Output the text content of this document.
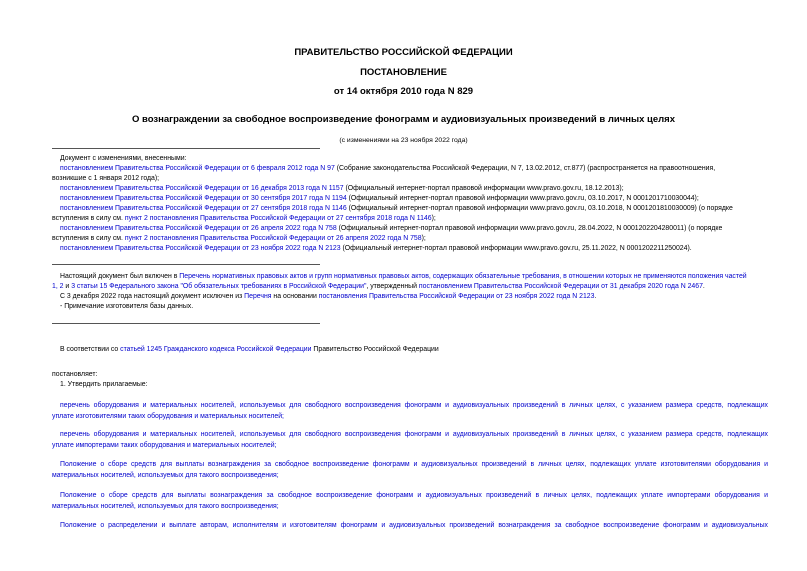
ПРАВИТЕЛЬСТВО РОССИЙСКОЙ ФЕДЕРАЦИИ
ПОСТАНОВЛЕНИЕ
от 14 октября 2010 года N 829
О вознаграждении за свободное воспроизведение фонограмм и аудиовизуальных произведений в личных целях
(с изменениями на 23 ноября 2022 года)
Документ с изменениями, внесенными:
постановлением Правительства Российской Федерации от 6 февраля 2012 года N 97 (Собрание законодательства Российской Федерации, N 7, 13.02.2012, ст.877) (распространяется на правоотношения,
возникшие с 1 января 2012 года);
постановлением Правительства Российской Федерации от 16 декабря 2013 года N 1157 (Официальный интернет-портал правовой информации www.pravo.gov.ru, 18.12.2013);
постановлением Правительства Российской Федерации от 30 сентября 2017 года N 1194 (Официальный интернет-портал правовой информации www.pravo.gov.ru, 03.10.2017, N 0001201710030044);
постановлением Правительства Российской Федерации от 27 сентября 2018 года N 1146 (Официальный интернет-портал правовой информации www.pravo.gov.ru, 03.10.2018, N 0001201810030009) (о порядке
вступления в силу см. пункт 2 постановления Правительства Российской Федерации от 27 сентября 2018 года N 1146);
постановлением Правительства Российской Федерации от 26 апреля 2022 года N 758 (Официальный интернет-портал правовой информации www.pravo.gov.ru, 28.04.2022, N 0001202204280011) (о порядке
вступления в силу см. пункт 2 постановления Правительства Российской Федерации от 26 апреля 2022 года N 758);
постановлением Правительства Российской Федерации от 23 ноября 2022 года N 2123 (Официальный интернет-портал правовой информации www.pravo.gov.ru, 25.11.2022, N 0001202211250024).
Настоящий документ был включен в Перечень нормативных правовых актов и групп нормативных правовых актов, содержащих обязательные требования, в отношении которых не применяются положения частей
1, 2 и 3 статьи 15 Федерального закона "Об обязательных требованиях в Российской Федерации", утвержденный постановлением Правительства Российской Федерации от 31 декабря 2020 года N 2467.
С 3 декабря 2022 года настоящий документ исключен из Перечня на основании постановления Правительства Российской Федерации от 23 ноября 2022 года N 2123.
- Примечание изготовителя базы данных.
В соответствии со статьей 1245 Гражданского кодекса Российской Федерации Правительство Российской Федерации
постановляет:
1. Утвердить прилагаемые:
перечень оборудования и материальных носителей, используемых для свободного воспроизведения фонограмм и аудиовизуальных произведений в личных целях, с указанием размера средств, подлежащих
уплате изготовителями таких оборудования и материальных носителей;
перечень оборудования и материальных носителей, используемых для свободного воспроизведения фонограмм и аудиовизуальных произведений в личных целях, с указанием размера средств, подлежащих
уплате импортерами таких оборудования и материальных носителей;
Положение о сборе средств для выплаты вознаграждения за свободное воспроизведение фонограмм и аудиовизуальных произведений в личных целях, подлежащих уплате изготовителями оборудования и
материальных носителей, используемых для такого воспроизведения;
Положение о сборе средств для выплаты вознаграждения за свободное воспроизведение фонограмм и аудиовизуальных произведений в личных целях, подлежащих уплате импортерами оборудования и
материальных носителей, используемых для такого воспроизведения;
Положение о распределении и выплате авторам, исполнителям и изготовителям фонограмм и аудиовизуальных произведений вознаграждения за свободное воспроизведение фонограмм и аудиовизуальных
